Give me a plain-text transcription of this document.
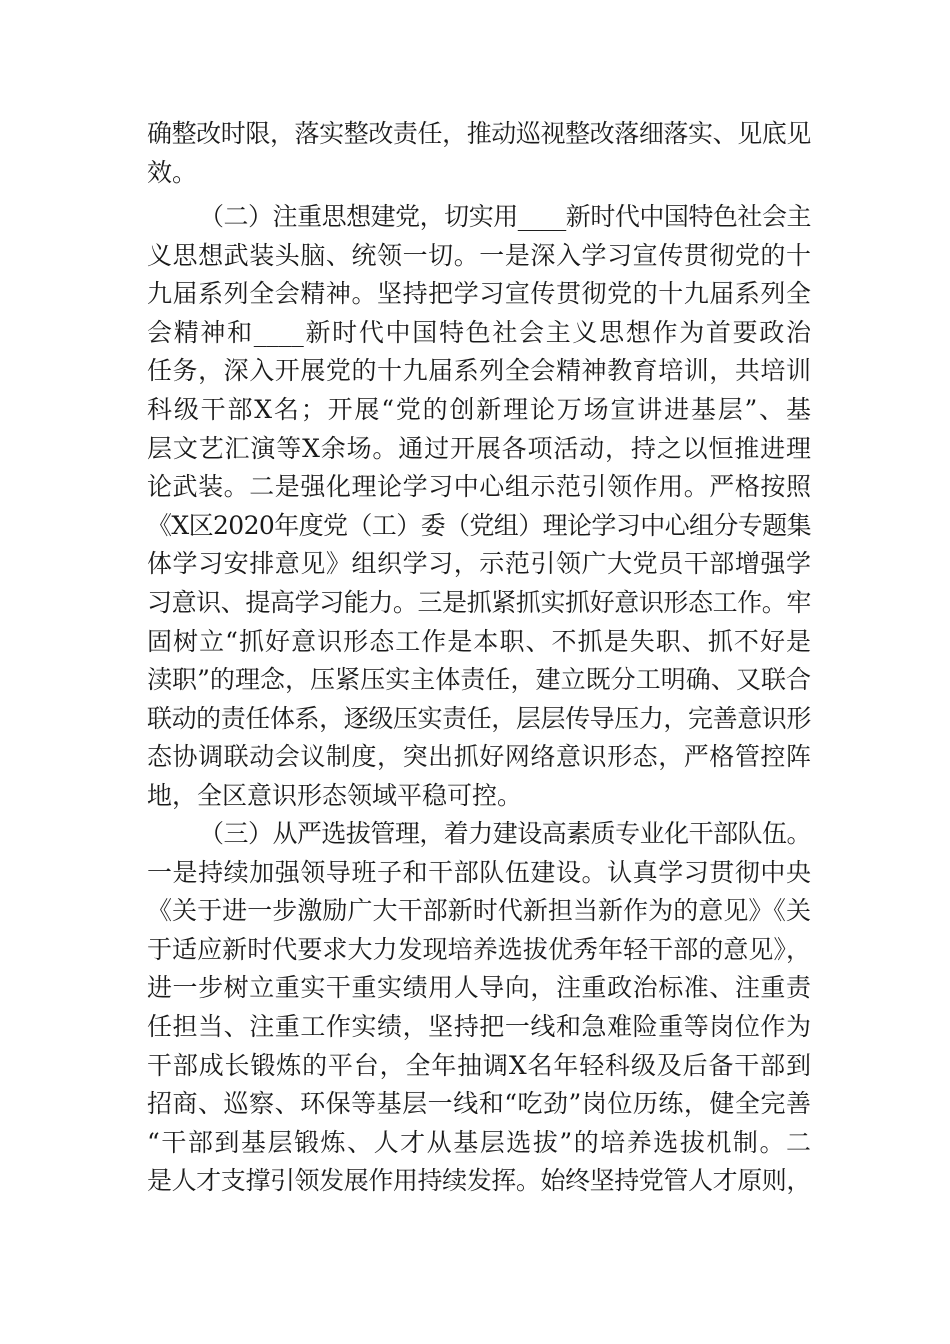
确整改时限，落实整改责任，推动巡视整改落细落实、见底见
效。
（二）注重思想建党，切实用____新时代中国特色社会主
义思想武装头脑、统领一切。一是深入学习宣传贯彻党的十
九届系列全会精神。坚持把学习宣传贯彻党的十九届系列全
会精神和____新时代中国特色社会主义思想作为首要政治
任务，深入开展党的十九届系列全会精神教育培训，共培训
科级干部X名；开展“党的创新理论万场宣讲进基层”、基
层文艺汇演等X余场。通过开展各项活动，持之以恒推进理
论武装。二是强化理论学习中心组示范引领作用。严格按照
《X区2020年度党（工）委（党组）理论学习中心组分专题集
体学习安排意见》组织学习，示范引领广大党员干部增强学
习意识、提高学习能力。三是抓紧抓实抓好意识形态工作。牢
固树立“抓好意识形态工作是本职、不抓是失职、抓不好是
渎职”的理念，压紧压实主体责任，建立既分工明确、又联合
联动的责任体系，逐级压实责任，层层传导压力，完善意识形
态协调联动会议制度，突出抓好网络意识形态，严格管控阵
地，全区意识形态领域平稳可控。
（三）从严选拔管理，着力建设高素质专业化干部队伍。
一是持续加强领导班子和干部队伍建设。认真学习贯彻中央
《关于进一步激励广大干部新时代新担当新作为的意见》《关
于适应新时代要求大力发现培养选拔优秀年轻干部的意见》，
进一步树立重实干重实绩用人导向，注重政治标准、注重责
任担当、注重工作实绩，坚持把一线和急难险重等岗位作为
干部成长锻炼的平台，全年抽调X名年轻科级及后备干部到
招商、巡察、环保等基层一线和“吃劲”岗位历练，健全完善
“干部到基层锻炼、人才从基层选拔”的培养选拔机制。二
是人才支撑引领发展作用持续发挥。始终坚持党管人才原则，
